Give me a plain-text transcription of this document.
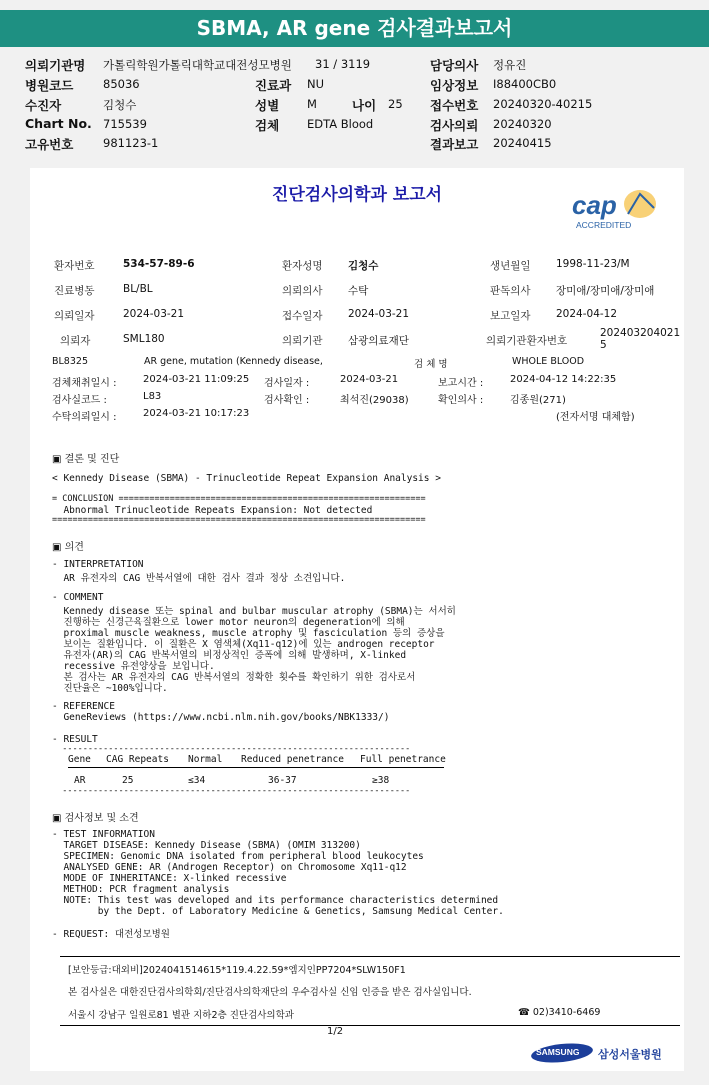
SBMA, AR gene 검사결과보고서
의뢰기관명 가톨릭학원가톨릭대학교대전성모병원 31 / 3119	담당의사 정유진
병원코드	85036	진료과 NU	임상정보 I88400CB0
수진자	김청수	성별 M	나이 25 접수번호 20240320-40215
Chart No. 715539	검체 EDTA Blood	검사의뢰 20240320
고유번호	981123-1	결과보고 20240415
진단검사의학과 보고서	cap
ACCREDITED
환자번호	534-57-89-6	환자성명 김청수	생년월일 1998-11-23/M
진료병동	BL/BL	의뢰의사 수탁	판독의사 장미애/장미애/장미애
의뢰일자	2024-03-21	접수일자 2024-03-21	보고일자 2024-04-12
의뢰자	SML180	의뢰기관 삼광의료재단	의뢰기관환자번호
202403204021
5
BL8325	AR gene, mutation (Kennedy disease,	검 체 명	WHOLE BLOOD
검체채취일시 :	2024-03-21 11:09:25 검사일자 :	2024-03-21	보고시간 :	2024-04-12 14:22:35
검사실코드 :	L83	검사확인 :	최석진(29038)	확인의사 :	김종원(271)
수탁의뢰일시 :	2024-03-21 10:17:23	(전자서명 대체함)
▣ 결론 및 진단
< Kennedy Disease (SBMA) - Trinucleotide Repeat Expansion Analysis >
= CONCLUSION ============================================================
Abnormal Trinucleotide Repeats Expansion: Not detected
=========================================================================
▣ 의견
- INTERPRETATION
AR 유전자의 CAG 반복서열에 대한 검사 결과 정상 소견입니다.
- COMMENT
Kennedy disease 또는 spinal and bulbar muscular atrophy (SBMA)는 서서히
진행하는 신경근육질환으로 lower motor neuron의 degeneration에 의해
proximal muscle weakness, muscle atrophy 및 fasciculation 등의 증상을
보이는 질환입니다. 이 질환은 X 염색체(Xq11-q12)에 있는 androgen receptor
유전자(AR)의 CAG 반복서열의 비정상적인 증폭에 의해 발생하며, X-linked
recessive 유전양상을 보입니다.
본 검사는 AR 유전자의 CAG 반복서열의 정확한 횟수를 확인하기 위한 검사로서
진단율은 ~100%입니다.
- REFERENCE
GeneReviews (https://www.ncbi.nlm.nih.gov/books/NBK1333/)
- RESULT
--------------------------------------------------------------------
Gene CAG Repeats Normal Reduced penetrance Full penetrance
AR	25	≤34	36-37	≥38
--------------------------------------------------------------------
▣ 검사정보 및 소견
- TEST INFORMATION
TARGET DISEASE: Kennedy Disease (SBMA) (OMIM 313200)
SPECIMEN: Genomic DNA isolated from peripheral blood leukocytes
ANALYSED GENE: AR (Androgen Receptor) on Chromosome Xq11-q12
MODE OF INHERITANCE: X-linked recessive
METHOD: PCR fragment analysis
NOTE: This test was developed and its performance characteristics determined
by the Dept. of Laboratory Medicine & Genetics, Samsung Medical Center.
- REQUEST: 대전성모병원
[보안등급:대외비]2024041514615*119.4.22.59*엠지인PP7204*SLW150F1
본 검사실은 대한진단검사의학회/진단검사의학재단의 우수검사실 신임 인증을 받은 검사실입니다.
서울시 강남구 일원로81 별관 지하2층 진단검사의학과	☎ 02)3410-6469
1/2
SAMSUNG 삼성서울병원
